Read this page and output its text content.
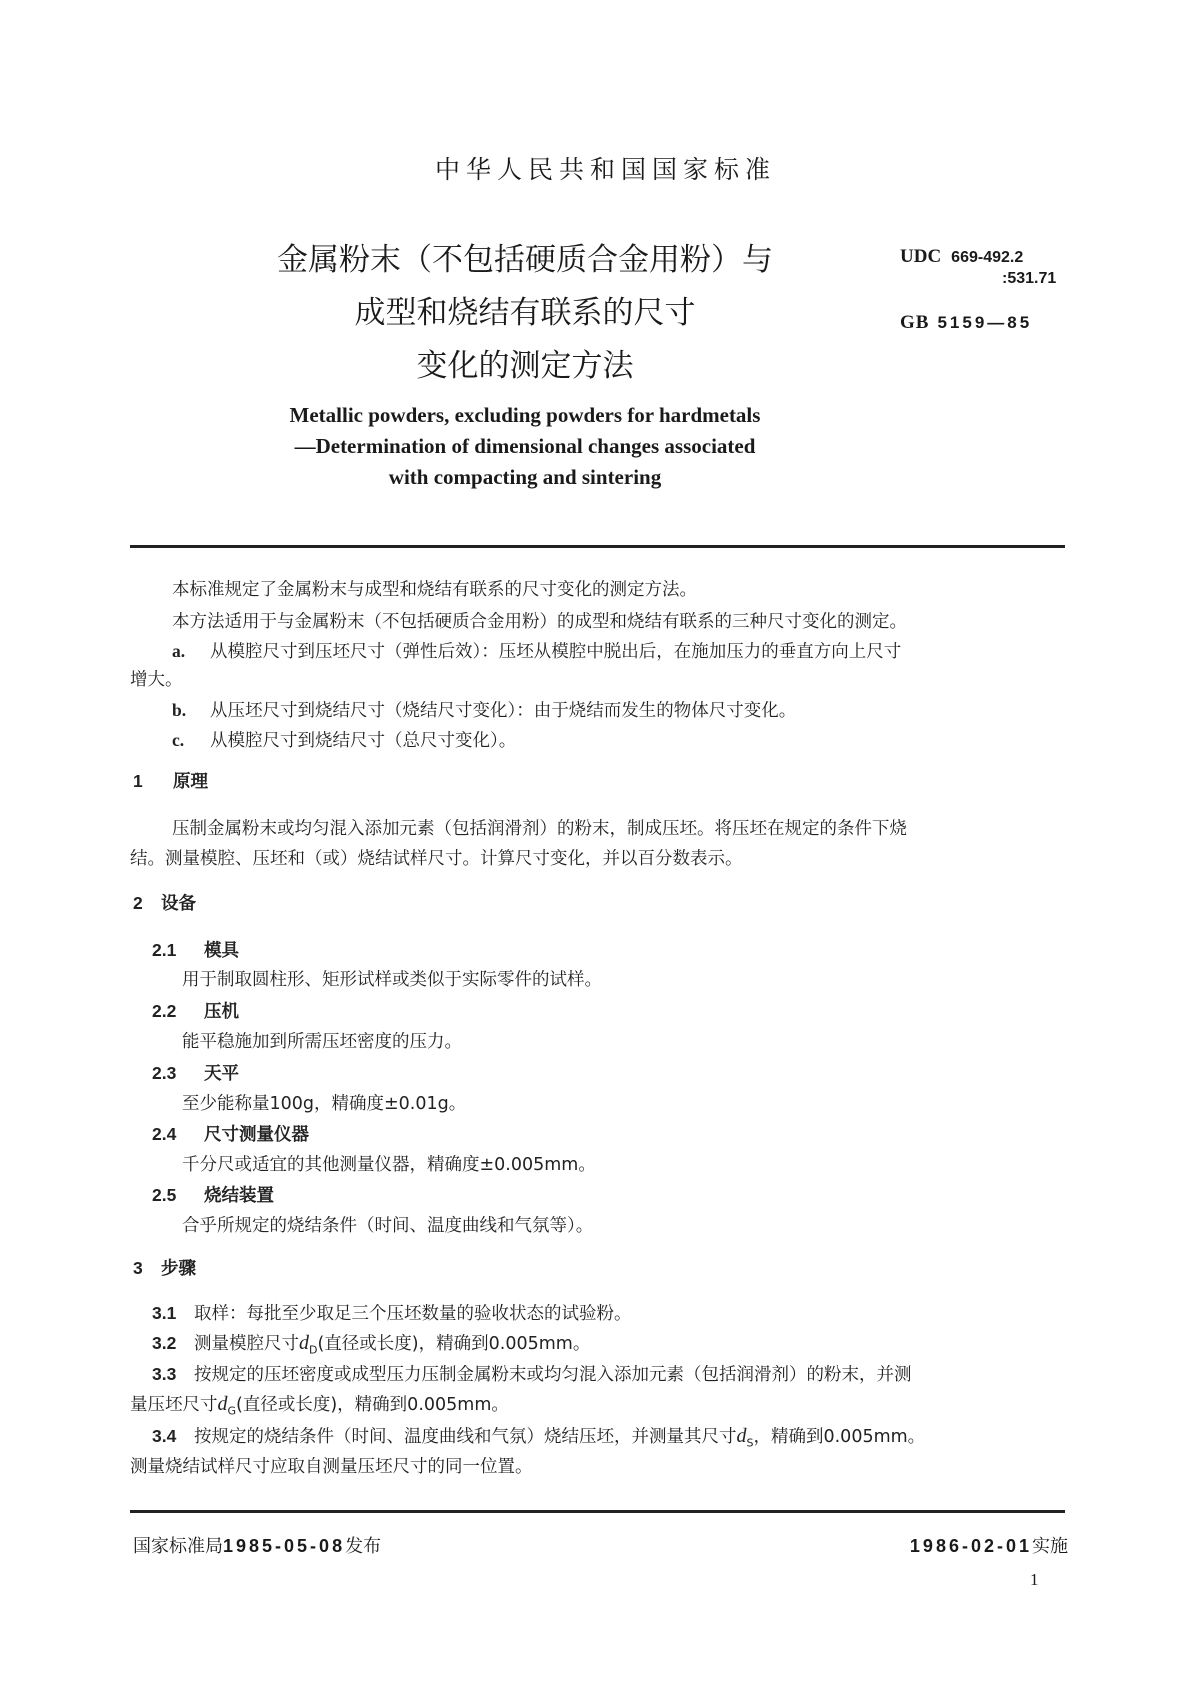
中华人民共和国国家标准
金属粉末（不包括硬质合金用粉）与
成型和烧结有联系的尺寸
变化的测定方法
UDC 669-492.2
:531.71
GB 5159—85
Metallic powders, excluding powders for hardmetals
—Determination of dimensional changes associated
with compacting and sintering
本标准规定了金属粉末与成型和烧结有联系的尺寸变化的测定方法。
本方法适用于与金属粉末（不包括硬质合金用粉）的成型和烧结有联系的三种尺寸变化的测定。
a. 从模腔尺寸到压坯尺寸（弹性后效）：压坯从模腔中脱出后，在施加压力的垂直方向上尺寸
增大。
b. 从压坯尺寸到烧结尺寸（烧结尺寸变化）：由于烧结而发生的物体尺寸变化。
c. 从模腔尺寸到烧结尺寸（总尺寸变化）。
1 原理
压制金属粉末或均匀混入添加元素（包括润滑剂）的粉末，制成压坯。将压坯在规定的条件下烧
结。测量模腔、压坯和（或）烧结试样尺寸。计算尺寸变化，并以百分数表示。
2 设备
2.1 模具
用于制取圆柱形、矩形试样或类似于实际零件的试样。
2.2 压机
能平稳施加到所需压坯密度的压力。
2.3 天平
至少能称量100g，精确度±0.01g。
2.4 尺寸测量仪器
千分尺或适宜的其他测量仪器，精确度±0.005mm。
2.5 烧结装置
合乎所规定的烧结条件（时间、温度曲线和气氛等）。
3 步骤
3.1 取样：每批至少取足三个压坯数量的验收状态的试验粉。
3.2 测量模腔尺寸$d_D$(直径或长度)，精确到0.005mm。
3.3 按规定的压坯密度或成型压力压制金属粉末或均匀混入添加元素（包括润滑剂）的粉末，并测
量压坯尺寸$d_G$(直径或长度)，精确到0.005mm。
3.4 按规定的烧结条件（时间、温度曲线和气氛）烧结压坯，并测量其尺寸$d_S$，精确到0.005mm。
测量烧结试样尺寸应取自测量压坯尺寸的同一位置。
国家标准局1985-05-08发布	1986-02-01实施
1
